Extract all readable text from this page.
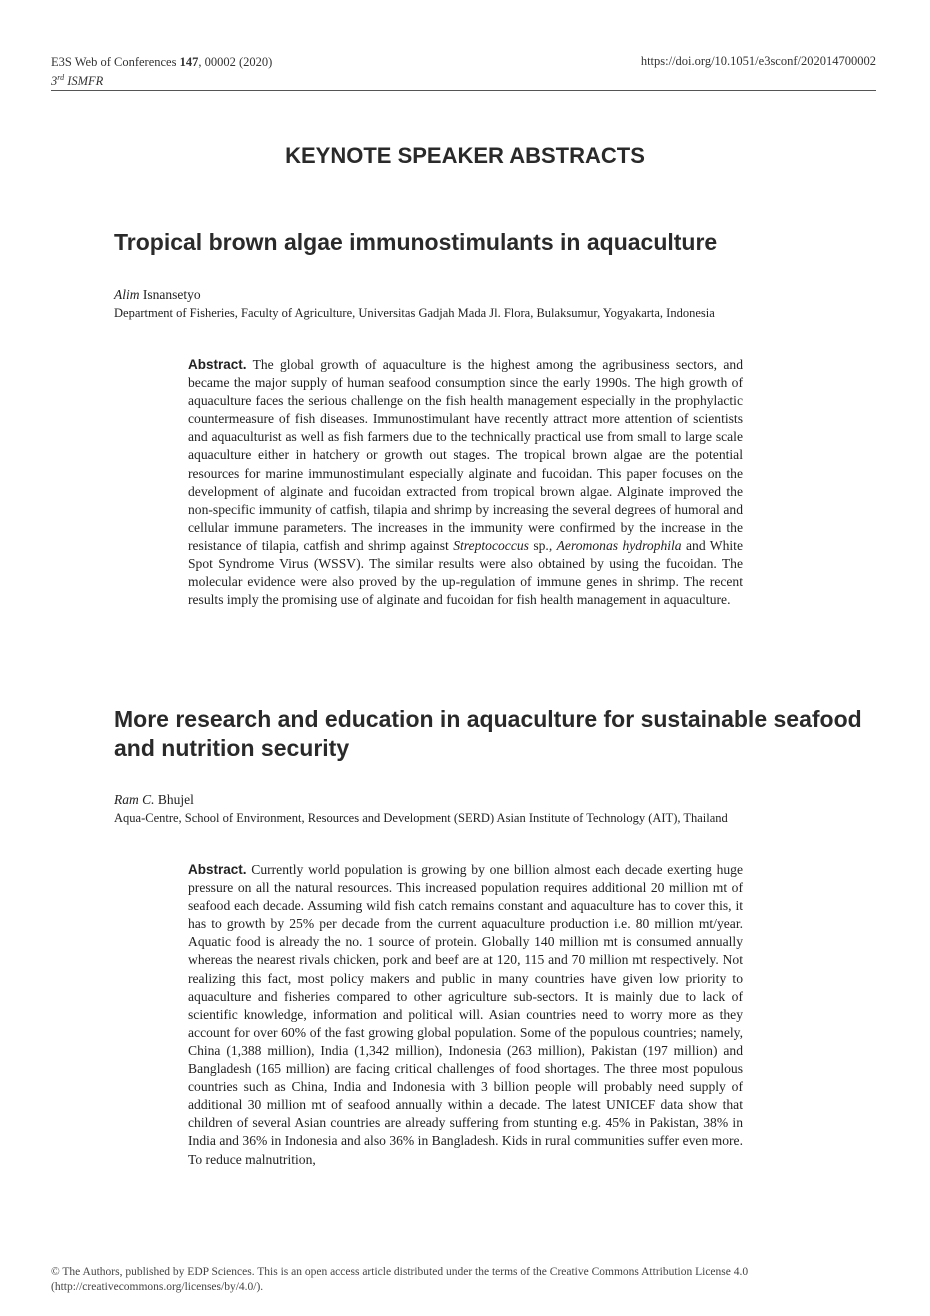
E3S Web of Conferences 147, 00002 (2020)
3rd ISMFR
https://doi.org/10.1051/e3sconf/202014700002
KEYNOTE SPEAKER ABSTRACTS
Tropical brown algae immunostimulants in aquaculture
Alim Isnansetyo
Department of Fisheries, Faculty of Agriculture, Universitas Gadjah Mada Jl. Flora, Bulaksumur, Yogyakarta, Indonesia

Abstract. The global growth of aquaculture is the highest among the agribusiness sectors, and became the major supply of human seafood consumption since the early 1990s. The high growth of aquaculture faces the serious challenge on the fish health management especially in the prophylactic countermeasure of fish diseases. Immunostimulant have recently attract more attention of scientists and aquaculturist as well as fish farmers due to the technically practical use from small to large scale aquaculture either in hatchery or growth out stages. The tropical brown algae are the potential resources for marine immunostimulant especially alginate and fucoidan. This paper focuses on the development of alginate and fucoidan extracted from tropical brown algae. Alginate improved the non-specific immunity of catfish, tilapia and shrimp by increasing the several degrees of humoral and cellular immune parameters. The increases in the immunity were confirmed by the increase in the resistance of tilapia, catfish and shrimp against Streptococcus sp., Aeromonas hydrophila and White Spot Syndrome Virus (WSSV). The similar results were also obtained by using the fucoidan. The molecular evidence were also proved by the up-regulation of immune genes in shrimp. The recent results imply the promising use of alginate and fucoidan for fish health management in aquaculture.

More research and education in aquaculture for sustainable seafood and nutrition security
Ram C. Bhujel
Aqua-Centre, School of Environment, Resources and Development (SERD) Asian Institute of Technology (AIT), Thailand

Abstract. Currently world population is growing by one billion almost each decade exerting huge pressure on all the natural resources. This increased population requires additional 20 million mt of seafood each decade. Assuming wild fish catch remains constant and aquaculture has to cover this, it has to growth by 25% per decade from the current aquaculture production i.e. 80 million mt/year. Aquatic food is already the no. 1 source of protein. Globally 140 million mt is consumed annually whereas the nearest rivals chicken, pork and beef are at 120, 115 and 70 million mt respectively. Not realizing this fact, most policy makers and public in many countries have given low priority to aquaculture and fisheries compared to other agriculture sub-sectors. It is mainly due to lack of scientific knowledge, information and political will. Asian countries need to worry more as they account for over 60% of the fast growing global population. Some of the populous countries; namely, China (1,388 million), India (1,342 million), Indonesia (263 million), Pakistan (197 million) and Bangladesh (165 million) are facing critical challenges of food shortages. The three most populous countries such as China, India and Indonesia with 3 billion people will probably need supply of additional 30 million mt of seafood annually within a decade. The latest UNICEF data show that children of several Asian countries are already suffering from stunting e.g. 45% in Pakistan, 38% in India and 36% in Indonesia and also 36% in Bangladesh. Kids in rural communities suffer even more. To reduce malnutrition,

© The Authors, published by EDP Sciences. This is an open access article distributed under the terms of the Creative Commons Attribution License 4.0
(http://creativecommons.org/licenses/by/4.0/).
